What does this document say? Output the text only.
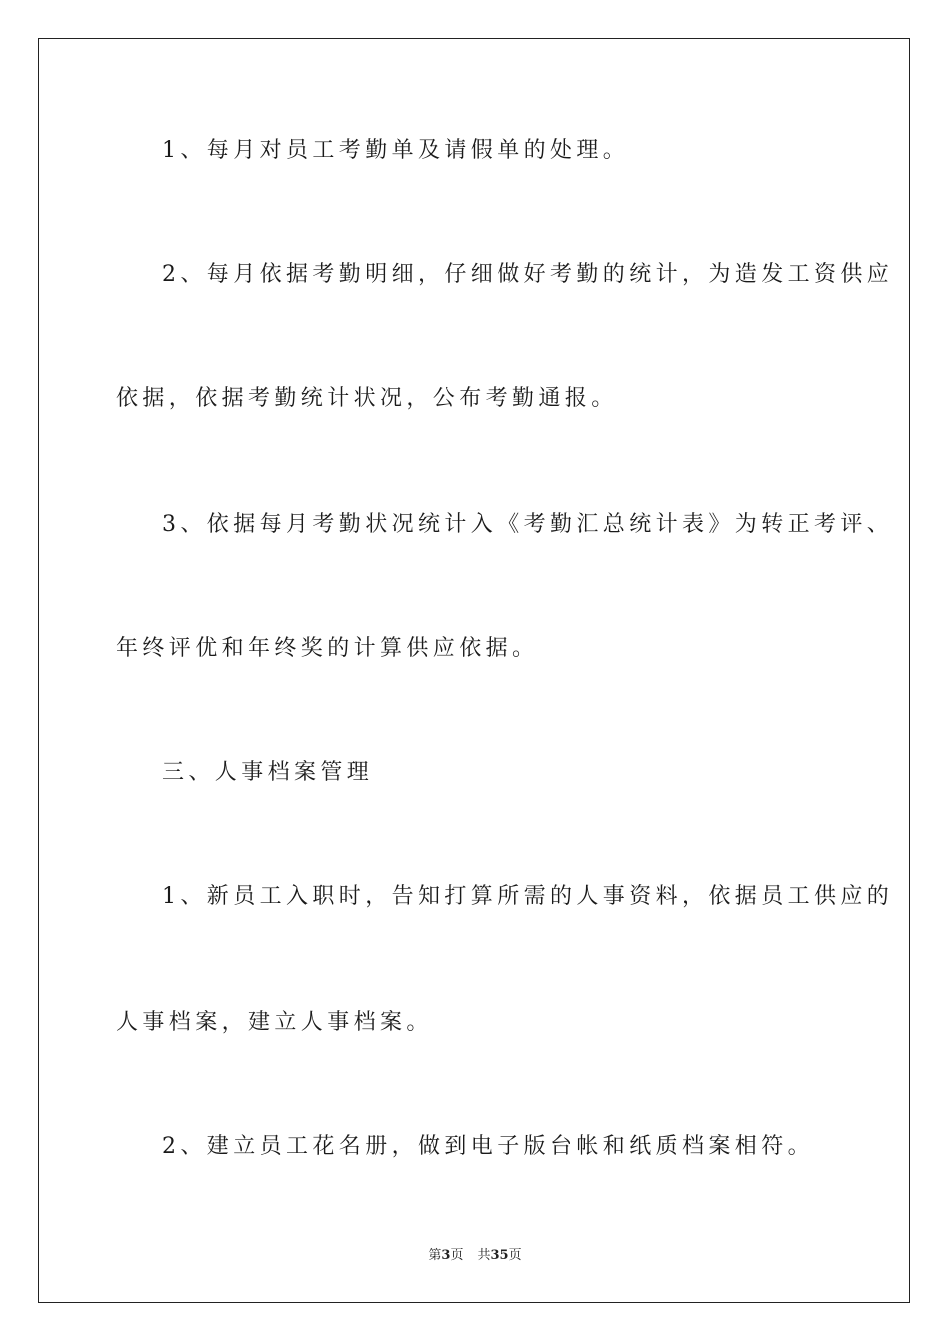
1、每月对员工考勤单及请假单的处理。
2、每月依据考勤明细，仔细做好考勤的统计，为造发工资供应
依据，依据考勤统计状况，公布考勤通报。
3、依据每月考勤状况统计入《考勤汇总统计表》为转正考评、
年终评优和年终奖的计算供应依据。
三、人事档案管理
1、新员工入职时，告知打算所需的人事资料，依据员工供应的
人事档案，建立人事档案。
2、建立员工花名册，做到电子版台帐和纸质档案相符。
第3页 共35页
